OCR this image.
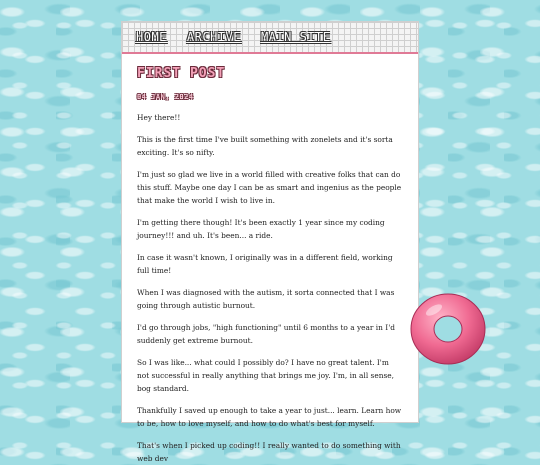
HOME ARCHIVE MAIN SITE
FIRST POST
04 JAN, 2024

Hey there!!

This is the first time I've built something with zonelets and it's sorta exciting. It's so nifty.

I'm just so glad we live in a world filled with creative folks that can do this stuff. Maybe one day I can be as smart and ingenius as the people that make the world I wish to live in.

I'm getting there though! It's been exactly 1 year since my coding journey!!! and uh. It's been... a ride.

In case it wasn't known, I originally was in a different field, working full time!

When I was diagnosed with the autism, it sorta connected that I was going through autistic burnout.

I'd go through jobs, "high functioning" until 6 months to a year in I'd suddenly get extreme burnout.

So I was like... what could I possibly do? I have no great talent. I'm not successful in really anything that brings me joy. I'm, in all sense, bog standard.

Thankfully I saved up enough to take a year to just... learn. Learn how to be, how to love myself, and how to do what's best for myself.

That's when I picked up coding!! I really wanted to do something with web dev
